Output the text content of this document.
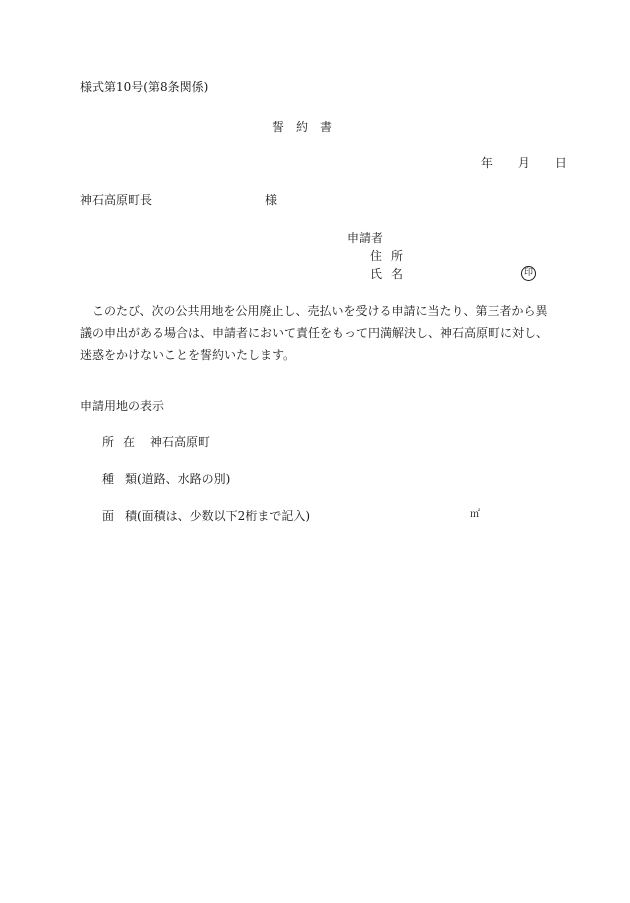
様式第10号(第8条関係)
誓約書
年 月 日
神石高原町長	様
申請者
住所
氏名	印
このたび、次の公共用地を公用廃止し、売払いを受ける申請に当たり、第三者から異議の申出がある場合は、申請者において責任をもって円満解決し、神石高原町に対し、迷惑をかけないことを誓約いたします。
申請用地の表示
所在 神石高原町
種 類(道路、水路の別)
面 積(面積は、少数以下2桁まで記入)	㎡
